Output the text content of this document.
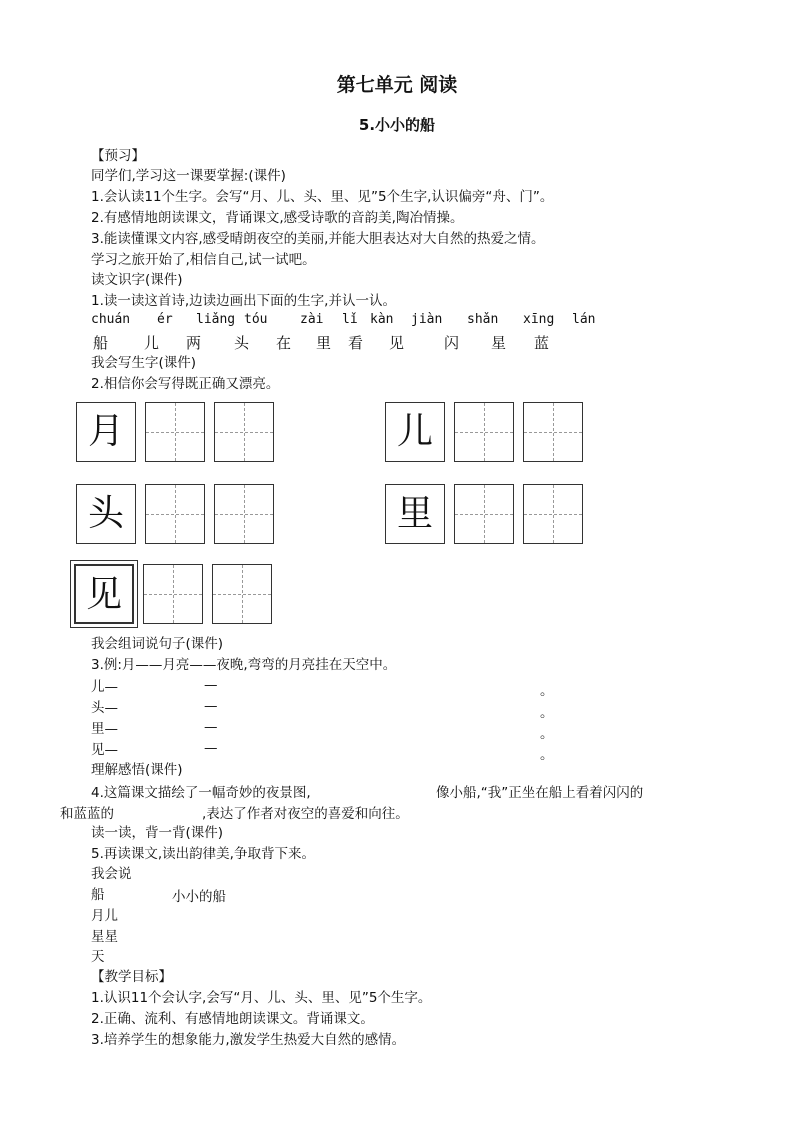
第七单元 阅读
5.小小的船
【预习】
同学们,学习这一课要掌握:(课件)
1.会认读11个生字。会写“月、儿、头、里、见”5个生字,认识偏旁“舟、门”。
2.有感情地朗读课文，背诵课文,感受诗歌的音韵美,陶冶情操。
3.能读懂课文内容,感受晴朗夜空的美丽,并能大胆表达对大自然的热爱之情。
学习之旅开始了,相信自己,试一试吧。
读文识字(课件)
1.读一读这首诗,边读边画出下面的生字,并认一认。
chuán ér liǎng tóu	zài lǐ kàn jiàn shǎn xīng lán
船 儿 两 头 在 里 看 见	闪 星 蓝
我会写生字(课件)
2.相信你会写得既正确又漂亮。
月	儿
头	里
见
我会组词说句子(课件)
3.例:月——月亮——夜晚,弯弯的月亮挂在天空中。
儿—	—	。
头—	—	。
里—	—	。
见—	—	。
理解感悟(课件)
4.这篇课文描绘了一幅奇妙的夜景图,	像小船,“我”正坐在船上看着闪闪的
和蓝蓝的	,表达了作者对夜空的喜爱和向往。
读一读，背一背(课件)
5.再读课文,读出韵律美,争取背下来。
我会说
船	小小的船
月儿
星星
天
【教学目标】
1.认识11个会认字,会写“月、儿、头、里、见”5个生字。
2.正确、流利、有感情地朗读课文。背诵课文。
3.培养学生的想象能力,激发学生热爱大自然的感情。
